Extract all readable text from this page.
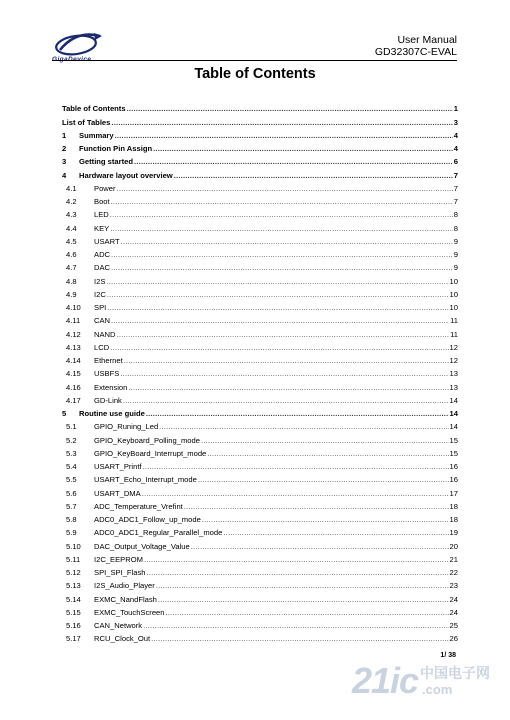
GigaDevice
User Manual
GD32307C-EVAL
Table of Contents
Table of Contents .....	1
List of Tables .....	3
1	Summary .....	4
2	Function Pin Assign .....	4
3	Getting started .....	6
4	Hardware layout overview .....	7
4.1	Power .....	7
4.2	Boot .....	7
4.3	LED .....	8
4.4	KEY .....	8
4.5	USART .....	9
4.6	ADC .....	9
4.7	DAC .....	9
4.8	I2S .....	10
4.9	I2C .....	10
4.10	SPI .....	10
4.11	CAN .....	11
4.12	NAND .....	11
4.13	LCD .....	12
4.14	Ethernet .....	12
4.15	USBFS .....	13
4.16	Extension .....	13
4.17	GD-Link .....	14
5	Routine use guide .....	14
5.1	GPIO_Runing_Led .....	14
5.2	GPIO_Keyboard_Polling_mode .....	15
5.3	GPIO_KeyBoard_Interrupt_mode .....	15
5.4	USART_Printf .....	16
5.5	USART_Echo_Interrupt_mode .....	16
5.6	USART_DMA .....	17
5.7	ADC_Temperature_Vrefint .....	18
5.8	ADC0_ADC1_Follow_up_mode .....	18
5.9	ADC0_ADC1_Regular_Parallel_mode .....	19
5.10	DAC_Output_Voltage_Value .....	20
5.11	I2C_EEPROM .....	21
5.12	SPI_SPI_Flash .....	22
5.13	I2S_Audio_Player .....	23
5.14	EXMC_NandFlash .....	24
5.15	EXMC_TouchScreen .....	24
5.16	CAN_Network .....	25
5.17	RCU_Clock_Out .....	26
1/ 38
21ic 中国电子网
.com
